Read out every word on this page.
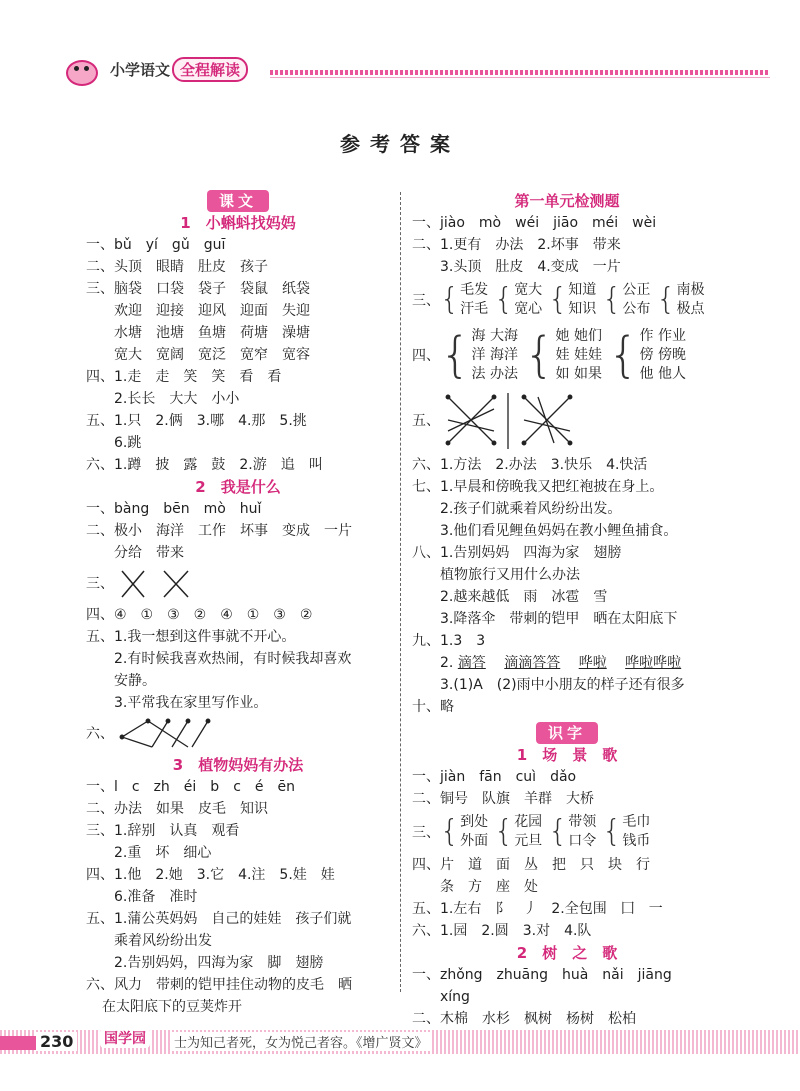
小学语文 全程解读
参考答案
课文
1　小蝌蚪找妈妈
一、bǔ　yí　gǔ　guī
二、头顶　眼睛　肚皮　孩子
三、脑袋　口袋　袋子　袋鼠　纸袋
欢迎　迎接　迎风　迎面　失迎
水塘　池塘　鱼塘　荷塘　澡塘
宽大　宽阔　宽泛　宽窄　宽容
四、1.走　走　笑　笑　看　看
2.长长　大大　小小
五、1.只　2.俩　3.哪　4.那　5.挑
6.跳
六、1.蹲　披　露　鼓　2.游　追　叫
2　我是什么
一、bàng　bēn　mò　huǐ
二、极小　海洋　工作　坏事　变成　一片
分给　带来
三、
四、④　①　③　②　④　①　③　②
五、1.我一想到这件事就不开心。
2.有时候我喜欢热闹，有时候我却喜欢
安静。
3.平常我在家里写作业。
六、
3　植物妈妈有办法
一、l　c　zh　éi　b　c　é　ēn
二、办法　如果　皮毛　知识
三、1.辞别　认真　观看
2.重　坏　细心
四、1.他　2.她　3.它　4.注　5.娃　娃
6.准备　准时
五、1.蒲公英妈妈　自己的娃娃　孩子们就
乘着风纷纷出发
2.告别妈妈，四海为家　脚　翅膀
六、风力　带刺的铠甲挂住动物的皮毛　晒
在太阳底下的豆荚炸开
第一单元检测题
一、jiào　mò　wéi　jiāo　méi　wèi
二、1.更有　办法　2.坏事　带来
3.头顶　肚皮　4.变成　一片
三、 { 毛发
汗毛 { 宽大
宽心 { 知道
知识 { 公正
公布 { 南极
极点
四、 { 海 大海
洋 海洋
法 办法 { 她 她们
娃 娃娃
如 如果 { 作 作业
傍 傍晚
他 他人
五、
六、1.方法　2.办法　3.快乐　4.快活
七、1.早晨和傍晚我又把红袍披在身上。
2.孩子们就乘着风纷纷出发。
3.他们看见鲤鱼妈妈在教小鲤鱼捕食。
八、1.告别妈妈　四海为家　翅膀
植物旅行又用什么办法
2.越来越低　雨　冰雹　雪
3.降落伞　带刺的铠甲　晒在太阳底下
九、1.3　3
2. 滴答　 滴滴答答　 哗啦　 哗啦哗啦
3.(1)A　(2)雨中小朋友的样子还有很多
十、略
识字
1　场　景　歌
一、jiàn　fān　cuì　dǎo
二、铜号　队旗　羊群　大桥
三、 { 到处
外面 { 花园
元旦 { 带领
口令 { 毛巾
钱币
四、片　道　面　丛　把　只　块　行
条　方　座　处
五、1.左右　阝　丿　2.全包围　囗　一
六、1.园　2.圆　3.对　4.队
2　树　之　歌
一、zhǒng　zhuāng　huà　nǎi　jiāng
xíng
二、木棉　水杉　枫树　杨树　松柏
230 国学园	士为知己者死，女为悦己者容。《增广贤文》
